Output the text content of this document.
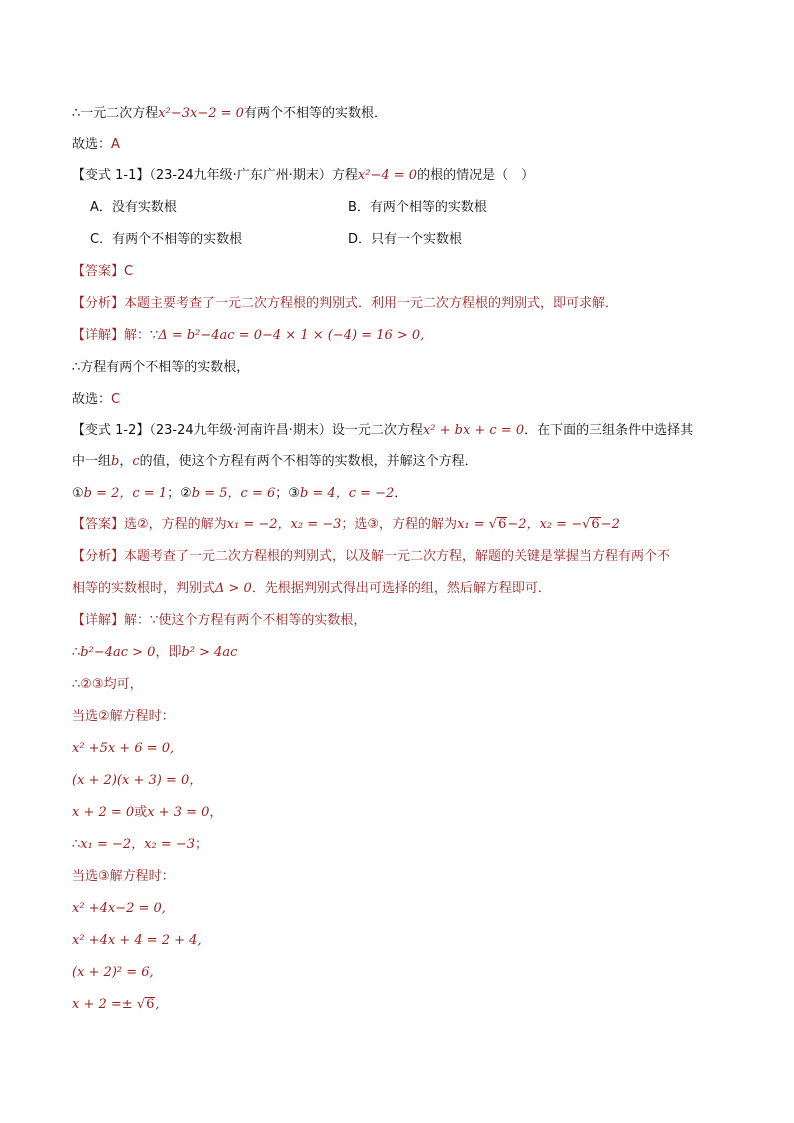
∴一元二次方程x²−3x−2 = 0有两个不相等的实数根．
故选：A
【变式 1-1】（23-24九年级·广东广州·期末）方程x²−4 = 0的根的情况是（　）
A．没有实数根	B．有两个相等的实数根
C．有两个不相等的实数根	D．只有一个实数根
【答案】C
【分析】本题主要考查了一元二次方程根的判别式．利用一元二次方程根的判别式，即可求解．
【详解】解：∵Δ = b²−4ac = 0−4 × 1 × (−4) = 16 > 0,
∴方程有两个不相等的实数根，
故选：C
【变式 1-2】（23-24九年级·河南许昌·期末）设一元二次方程x² + bx + c = 0．在下面的三组条件中选择其
中一组b，c的值，使这个方程有两个不相等的实数根，并解这个方程．
①b = 2，c = 1；②b = 5，c = 6；③b = 4，c = −2．
【答案】选②，方程的解为x₁ = −2，x₂ = −3；选③，方程的解为x₁ = √6−2，x₂ = −√6−2
【分析】本题考查了一元二次方程根的判别式，以及解一元二次方程，解题的关键是掌握当方程有两个不
相等的实数根时，判别式Δ > 0．先根据判别式得出可选择的组，然后解方程即可．
【详解】解：∵使这个方程有两个不相等的实数根，
∴b²−4ac > 0，即b² > 4ac
∴②③均可，
当选②解方程时：
x² +5x + 6 = 0,
(x + 2)(x + 3) = 0，
x + 2 = 0或x + 3 = 0，
∴x₁ = −2，x₂ = −3；
当选③解方程时：
x² +4x−2 = 0,
x² +4x + 4 = 2 + 4,
(x + 2)² = 6,
x + 2 =± √6,
